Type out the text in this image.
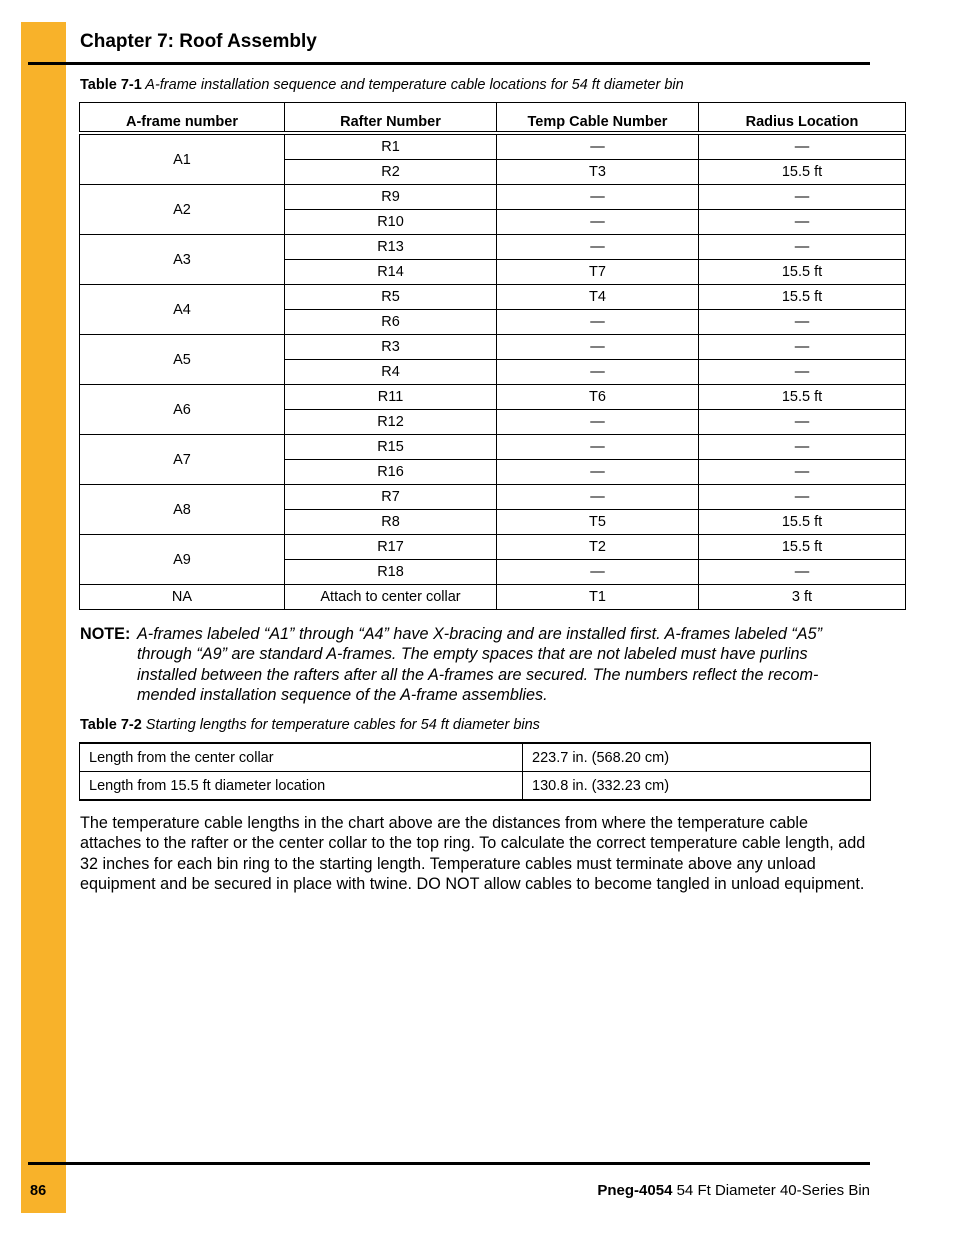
Chapter 7: Roof Assembly
Table 7-1 A-frame installation sequence and temperature cable locations for 54 ft diameter bin
A-frame number	Rafter Number	Temp Cable Number	Radius Location
A1	R1	—	—
	R2	T3	15.5 ft
A2	R9	—	—
	R10	—	—
A3	R13	—	—
	R14	T7	15.5 ft
A4	R5	T4	15.5 ft
	R6	—	—
A5	R3	—	—
	R4	—	—
A6	R11	T6	15.5 ft
	R12	—	—
A7	R15	—	—
	R16	—	—
A8	R7	—	—
	R8	T5	15.5 ft
A9	R17	T2	15.5 ft
	R18	—	—
NA	Attach to center collar	T1	3 ft
NOTE: A-frames labeled “A1” through “A4” have X-bracing and are installed first. A-frames labeled “A5” through “A9” are standard A-frames. The empty spaces that are not labeled must have purlins installed between the rafters after all the A-frames are secured. The numbers reflect the recom-mended installation sequence of the A-frame assemblies.
Table 7-2 Starting lengths for temperature cables for 54 ft diameter bins
Length from the center collar	223.7 in. (568.20 cm)
Length from 15.5 ft diameter location	130.8 in. (332.23 cm)
The temperature cable lengths in the chart above are the distances from where the temperature cable attaches to the rafter or the center collar to the top ring. To calculate the correct temperature cable length, add 32 inches for each bin ring to the starting length. Temperature cables must terminate above any unload equipment and be secured in place with twine. DO NOT allow cables to become tangled in unload equipment.
86	Pneg-4054 54 Ft Diameter 40-Series Bin
